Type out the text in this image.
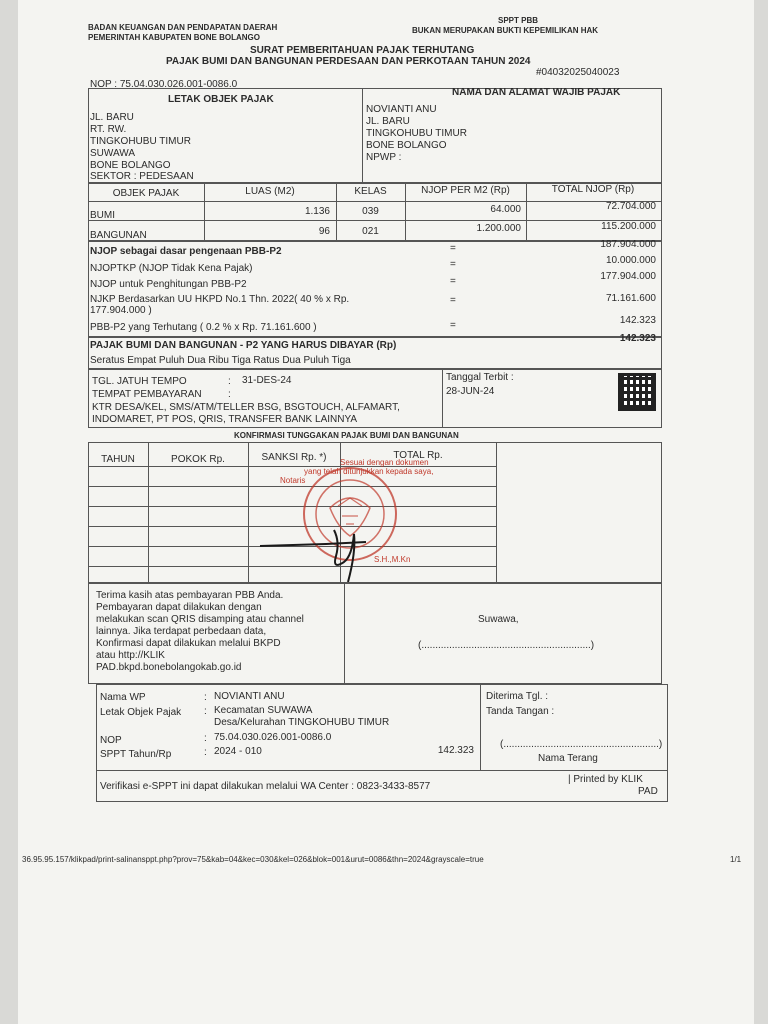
BADAN KEUANGAN DAN PENDAPATAN DAERAH
PEMERINTAH KABUPATEN BONE BOLANGO
SPPT PBB
BUKAN MERUPAKAN BUKTI KEPEMILIKAN HAK
SURAT PEMBERITAHUAN PAJAK TERHUTANG
PAJAK BUMI DAN BANGUNAN PERDESAAN DAN PERKOTAAN TAHUN 2024
NOP : 75.04.030.026.001-0086.0
#04032025040023
LETAK OBJEK PAJAK
JL. BARU
RT. RW.
TINGKOHUBU TIMUR
SUWAWA
BONE BOLANGO
SEKTOR : PEDESAAN
NAMA DAN ALAMAT WAJIB PAJAK
NOVIANTI ANU
JL. BARU
TINGKOHUBU TIMUR
BONE BOLANGO
NPWP :
OBJEK PAJAK	LUAS (M2)	KELAS	NJOP PER M2 (Rp)	TOTAL NJOP (Rp)
BUMI	1.136	039	64.000	72.704.000
BANGUNAN	96	021	1.200.000	115.200.000
NJOP sebagai dasar pengenaan PBB-P2	=	187.904.000
NJOPTKP (NJOP Tidak Kena Pajak)	=	10.000.000
NJOP untuk Penghitungan PBB-P2	=	177.904.000
NJKP Berdasarkan UU HKPD No.1 Thn. 2022( 40 % x Rp.
177.904.000 )
=	71.161.600
PBB-P2 yang Terhutang ( 0.2 % x Rp. 71.161.600 )	=	142.323
PAJAK BUMI DAN BANGUNAN - P2 YANG HARUS DIBAYAR (Rp)
142.323
Seratus Empat Puluh Dua Ribu Tiga Ratus Dua Puluh Tiga
TGL. JATUH TEMPO	: 31-DES-24
TEMPAT PEMBAYARAN	:
KTR DESA/KEL, SMS/ATM/TELLER BSG, BSGTOUCH, ALFAMART,
INDOMARET, PT POS, QRIS, TRANSFER BANK LAINNYA
Tanggal Terbit :
28-JUN-24
KONFIRMASI TUNGGAKAN PAJAK BUMI DAN BANGUNAN
TAHUN	POKOK Rp.	SANKSI Rp. *)	TOTAL Rp.
Sesuai dengan dokumen
yang telah ditunjukkan kepada saya,
Notaris
S.H.,M.Kn
Terima kasih atas pembayaran PBB Anda.
Pembayaran dapat dilakukan dengan
melakukan scan QRIS disamping atau channel
lainnya. Jika terdapat perbedaan data,
Konfirmasi dapat dilakukan melalui BKPD
atau http://KLIK
PAD.bkpd.bonebolangokab.go.id
Suwawa,
(.............................................................)
Nama WP	: NOVIANTI ANU
Letak Objek Pajak : Kecamatan SUWAWA
Desa/Kelurahan TINGKOHUBU TIMUR
NOP	: 75.04.030.026.001-0086.0
SPPT Tahun/Rp	: 2024 - 010	142.323
Diterima Tgl. :
Tanda Tangan :
(........................................................)
Nama Terang
Verifikasi e-SPPT ini dapat dilakukan melalui WA Center : 0823-3433-8577
| Printed by KLIK
PAD
36.95.95.157/klikpad/print-salinansppt.php?prov=75&kab=04&kec=030&kel=026&blok=001&urut=0086&thn=2024&grayscale=true	1/1
